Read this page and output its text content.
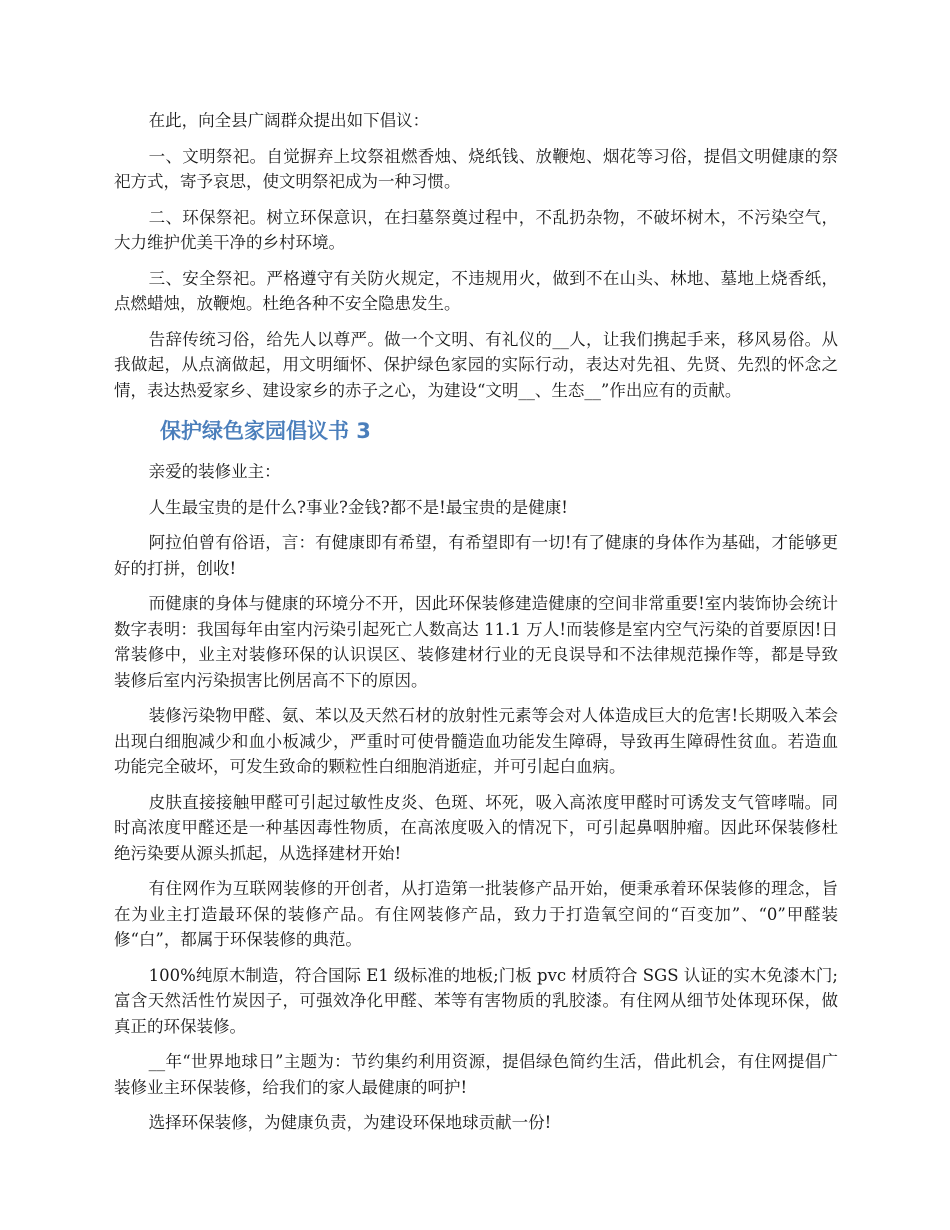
在此，向全县广阔群众提出如下倡议：

一、文明祭祀。自觉摒弃上坟祭祖燃香烛、烧纸钱、放鞭炮、烟花等习俗，提倡文明健康的祭祀方式，寄予哀思，使文明祭祀成为一种习惯。

二、环保祭祀。树立环保意识，在扫墓祭奠过程中，不乱扔杂物，不破坏树木，不污染空气，大力维护优美干净的乡村环境。

三、安全祭祀。严格遵守有关防火规定，不违规用火，做到不在山头、林地、墓地上烧香纸，点燃蜡烛，放鞭炮。杜绝各种不安全隐患发生。

告辞传统习俗，给先人以尊严。做一个文明、有礼仪的__人，让我们携起手来，移风易俗。从我做起，从点滴做起，用文明缅怀、保护绿色家园的实际行动，表达对先祖、先贤、先烈的怀念之情，表达热爱家乡、建设家乡的赤子之心，为建设“文明__、生态__”作出应有的贡献。

保护绿色家园倡议书 3

亲爱的装修业主：

人生最宝贵的是什么?事业?金钱?都不是!最宝贵的是健康!

阿拉伯曾有俗语，言：有健康即有希望，有希望即有一切!有了健康的身体作为基础，才能够更好的打拼，创收!

而健康的身体与健康的环境分不开，因此环保装修建造健康的空间非常重要!室内装饰协会统计数字表明：我国每年由室内污染引起死亡人数高达 11.1 万人!而装修是室内空气污染的首要原因!日常装修中，业主对装修环保的认识误区、装修建材行业的无良误导和不法律规范操作等，都是导致装修后室内污染损害比例居高不下的原因。

装修污染物甲醛、氨、苯以及天然石材的放射性元素等会对人体造成巨大的危害!长期吸入苯会出现白细胞减少和血小板减少，严重时可使骨髓造血功能发生障碍，导致再生障碍性贫血。若造血功能完全破坏，可发生致命的颗粒性白细胞消逝症，并可引起白血病。

皮肤直接接触甲醛可引起过敏性皮炎、色斑、坏死，吸入高浓度甲醛时可诱发支气管哮喘。同时高浓度甲醛还是一种基因毒性物质，在高浓度吸入的情况下，可引起鼻咽肿瘤。因此环保装修杜绝污染要从源头抓起，从选择建材开始!

有住网作为互联网装修的开创者，从打造第一批装修产品开始，便秉承着环保装修的理念，旨在为业主打造最环保的装修产品。有住网装修产品，致力于打造氧空间的“百变加”、“0”甲醛装修“白”，都属于环保装修的典范。

100%纯原木制造，符合国际 E1 级标准的地板;门板 pvc 材质符合 SGS 认证的实木免漆木门;富含天然活性竹炭因子，可强效净化甲醛、苯等有害物质的乳胶漆。有住网从细节处体现环保，做真正的环保装修。

__年“世界地球日”主题为：节约集约利用资源，提倡绿色简约生活，借此机会，有住网提倡广装修业主环保装修，给我们的家人最健康的呵护!

选择环保装修，为健康负责，为建设环保地球贡献一份!
